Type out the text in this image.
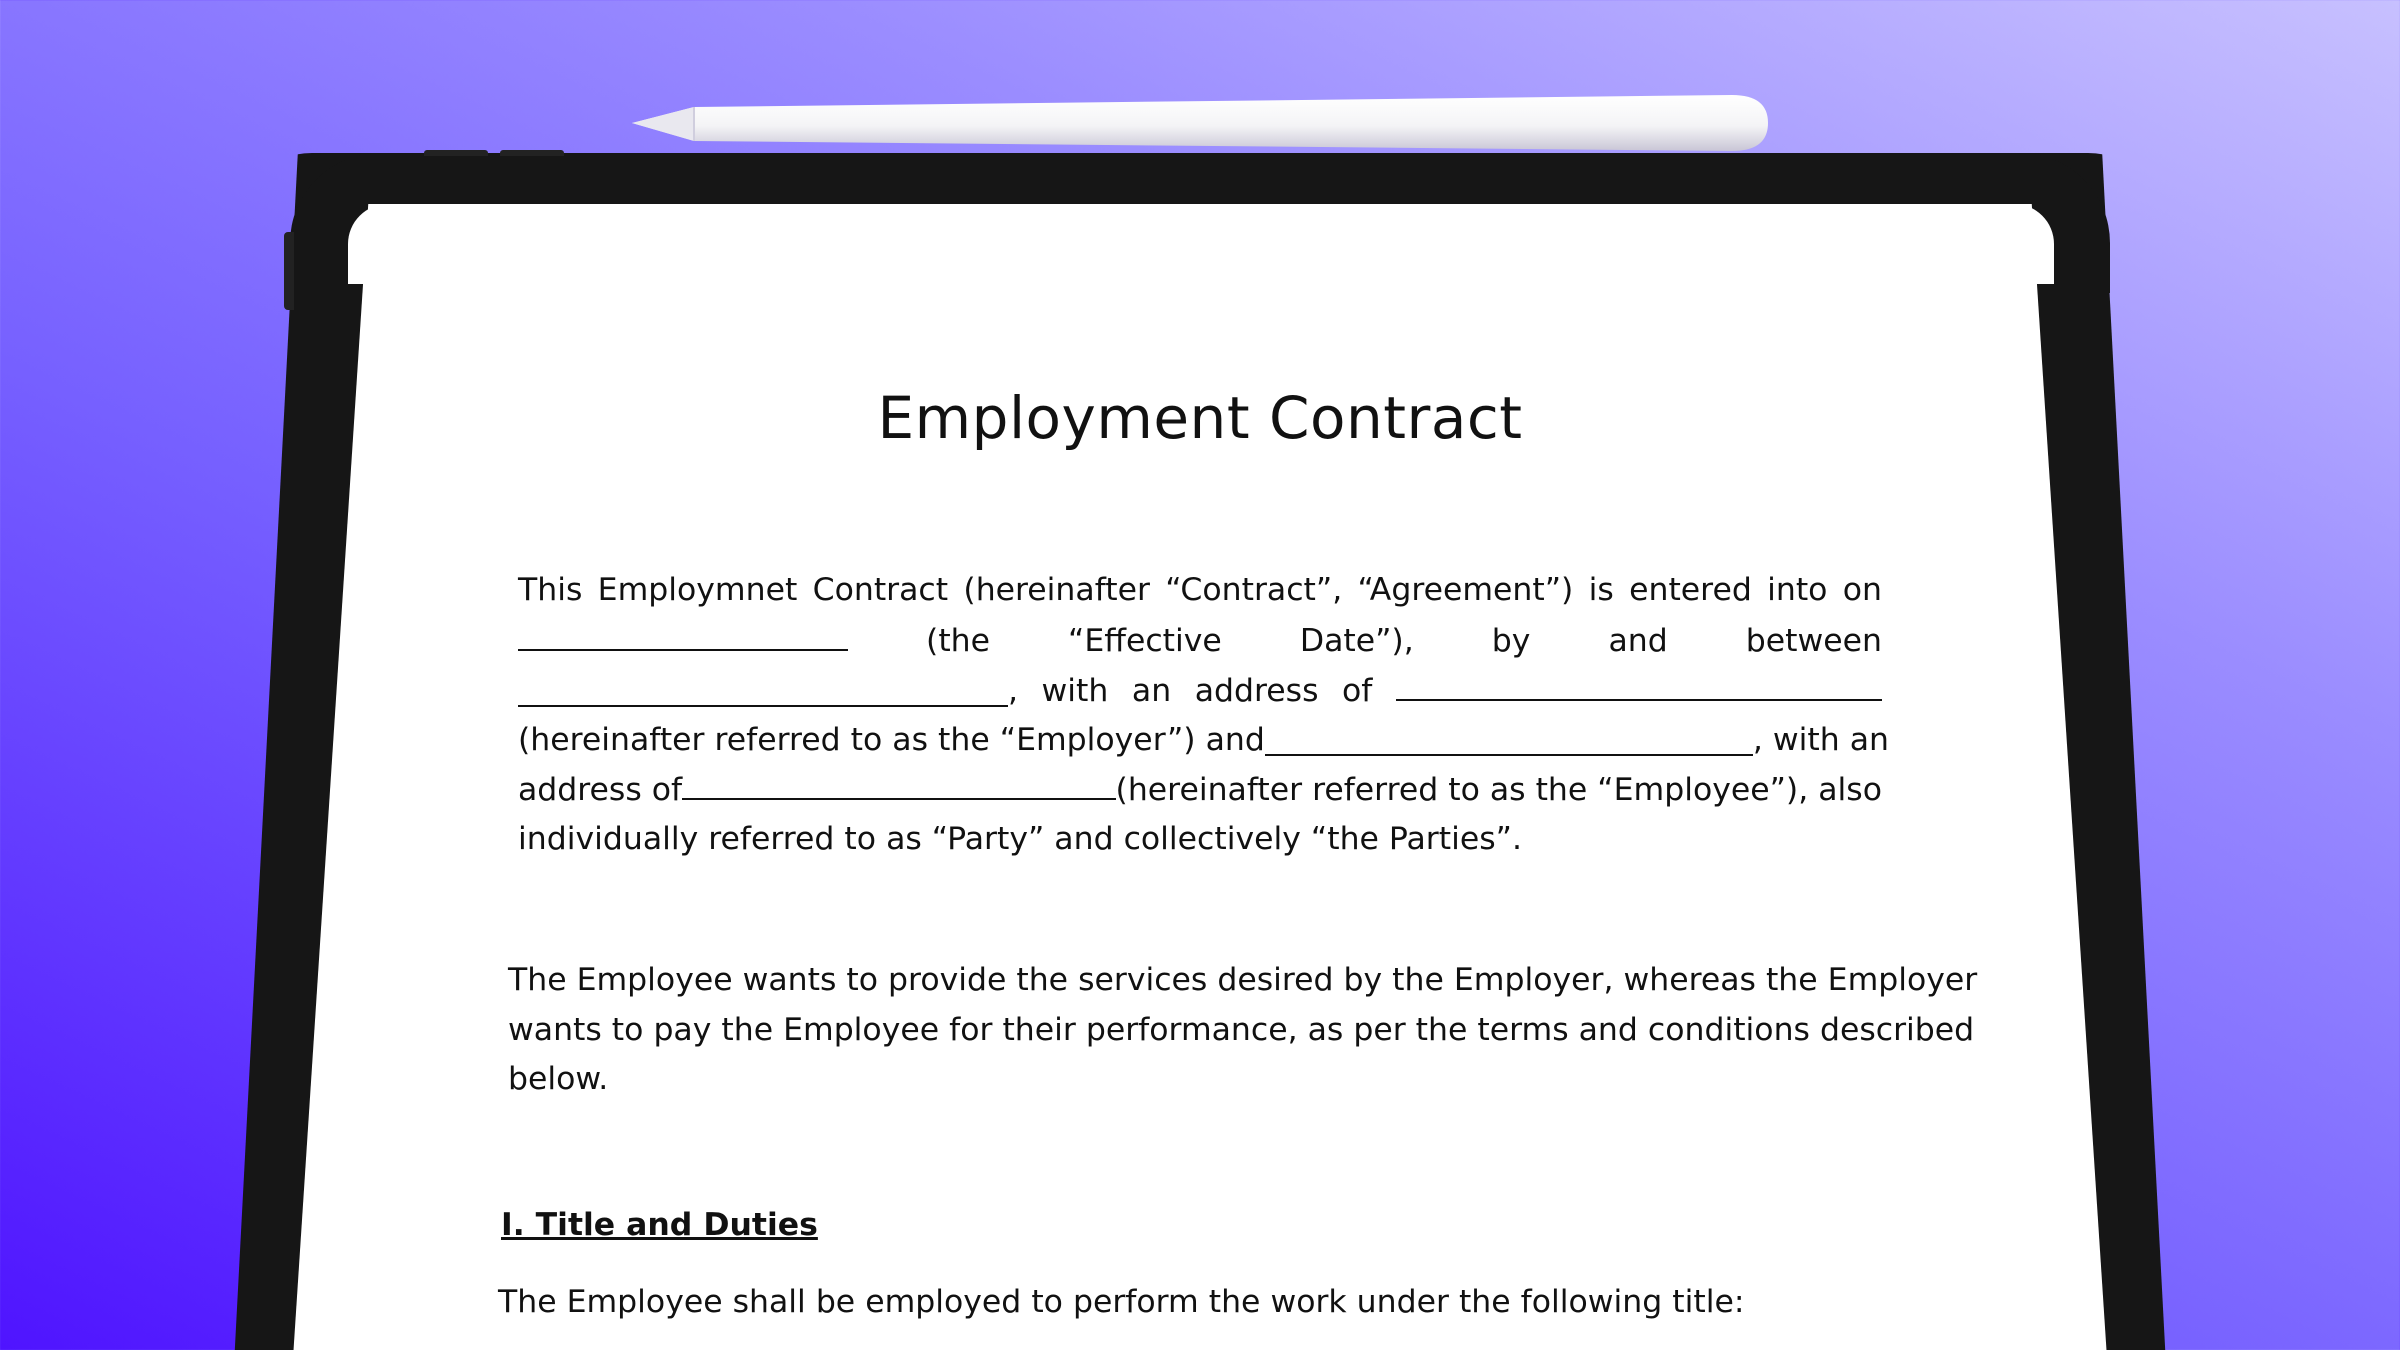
Employment Contract
This Employmnet Contract (hereinafter “Contract”, “Agreement”) is entered into on
(the “Effective Date”), by and between
, with an address of
(hereinafter referred to as the “Employer”) and	, with an
address of	(hereinafter referred to as the “Employee”), also
individually referred to as “Party” and collectively “the Parties”.
The Employee wants to provide the services desired by the Employer, whereas the Employer
wants to pay the Employee for their performance, as per the terms and conditions described
below.
I. Title and Duties
The Employee shall be employed to perform the work under the following title:
